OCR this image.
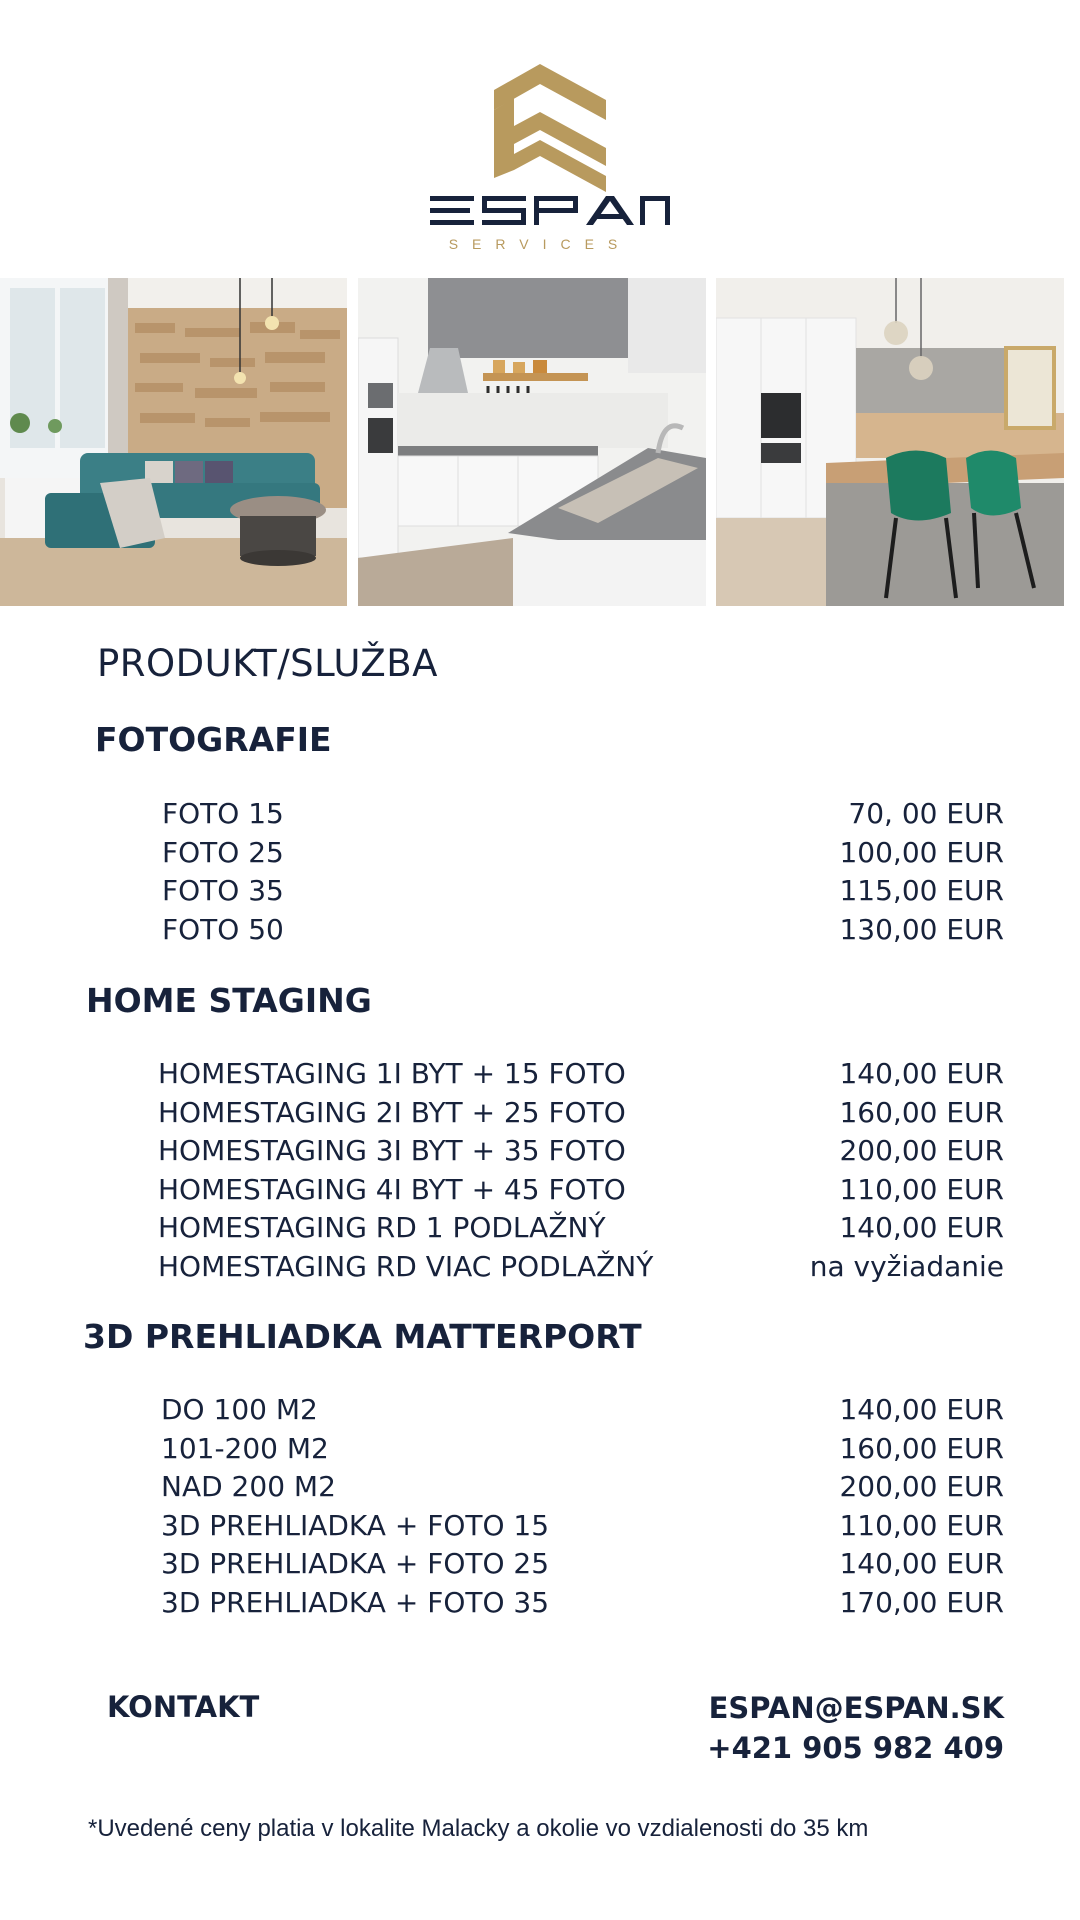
SERVICES
PRODUKT/SLUŽBA
FOTOGRAFIE
FOTO 15	70, 00 EUR
FOTO 25	100,00 EUR
FOTO 35	115,00 EUR
FOTO 50	130,00 EUR
HOME STAGING
HOMESTAGING 1I BYT + 15 FOTO	140,00 EUR
HOMESTAGING 2I BYT + 25 FOTO	160,00 EUR
HOMESTAGING 3I BYT + 35 FOTO	200,00 EUR
HOMESTAGING 4I BYT + 45 FOTO	110,00 EUR
HOMESTAGING RD 1 PODLAŽNÝ	140,00 EUR
HOMESTAGING RD VIAC PODLAŽNÝ	na vyžiadanie
3D PREHLIADKA MATTERPORT
DO 100 M2	140,00 EUR
101-200 M2	160,00 EUR
NAD 200 M2	200,00 EUR
3D PREHLIADKA + FOTO 15	110,00 EUR
3D PREHLIADKA + FOTO 25	140,00 EUR
3D PREHLIADKA + FOTO 35	170,00 EUR
KONTAKT	ESPAN@ESPAN.SK
+421 905 982 409
*Uvedené ceny platia v lokalite Malacky a okolie vo vzdialenosti do 35 km
